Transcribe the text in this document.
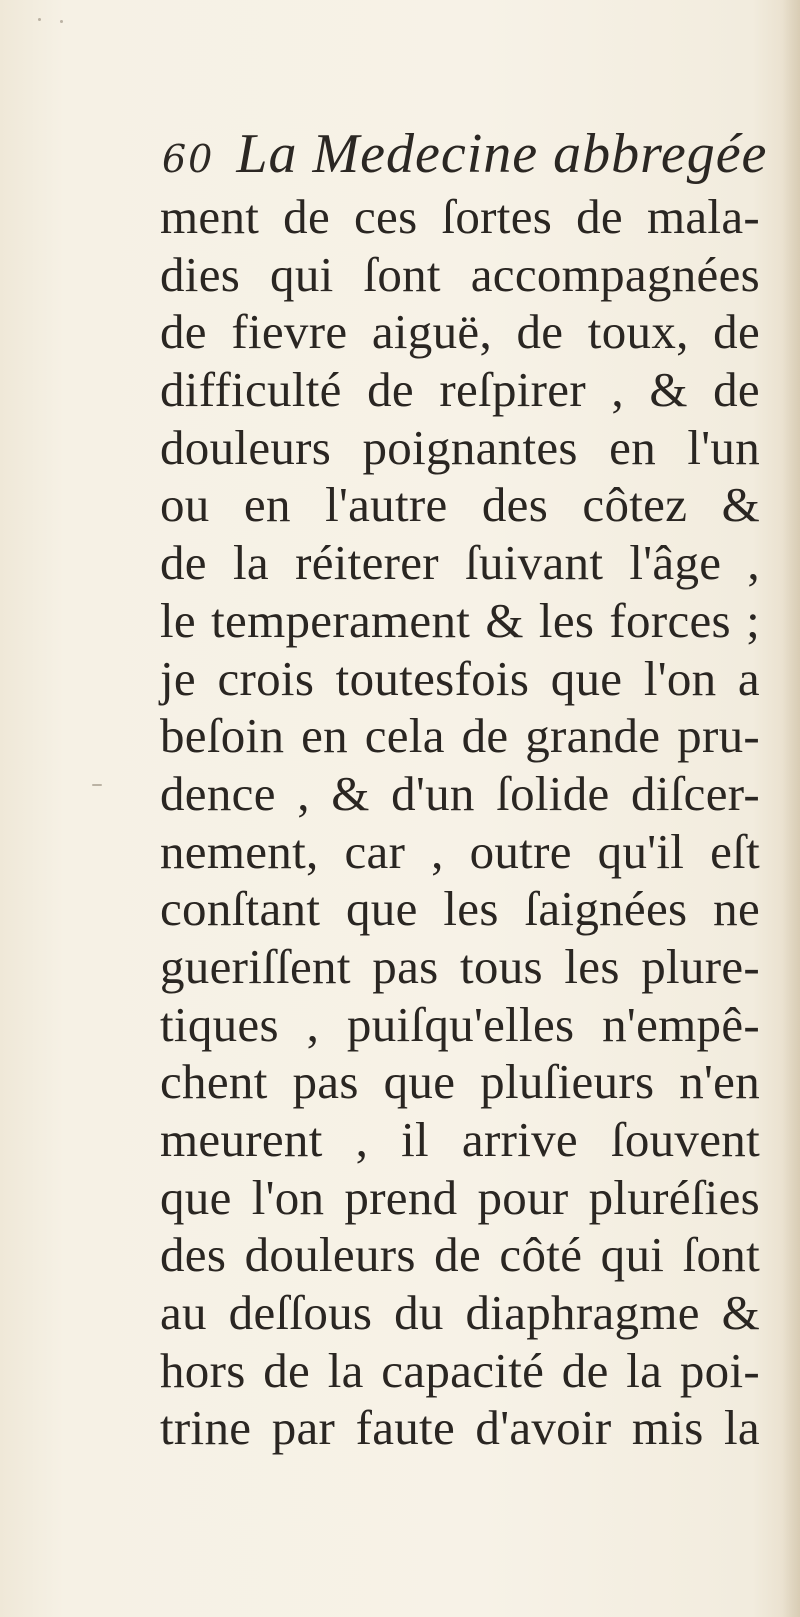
60 La Medecine abbregée
ment de ces ſortes de mala-
dies qui ſont accompagnées
de fievre aiguë, de toux, de
difficulté de reſpirer , & de
douleurs poignantes en l'un
ou en l'autre des côtez &
de la réiterer ſuivant l'âge ,
le temperament & les forces ;
je crois toutesfois que l'on a
beſoin en cela de grande pru-
dence , & d'un ſolide diſcer-
nement, car , outre qu'il eſt
conſtant que les ſaignées ne
gueriſſent pas tous les plure-
tiques , puiſqu'elles n'empê-
chent pas que pluſieurs n'en
meurent , il arrive ſouvent
que l'on prend pour pluréſies
des douleurs de côté qui ſont
au deſſous du diaphragme &
hors de la capacité de la poi-
trine par faute d'avoir mis la
